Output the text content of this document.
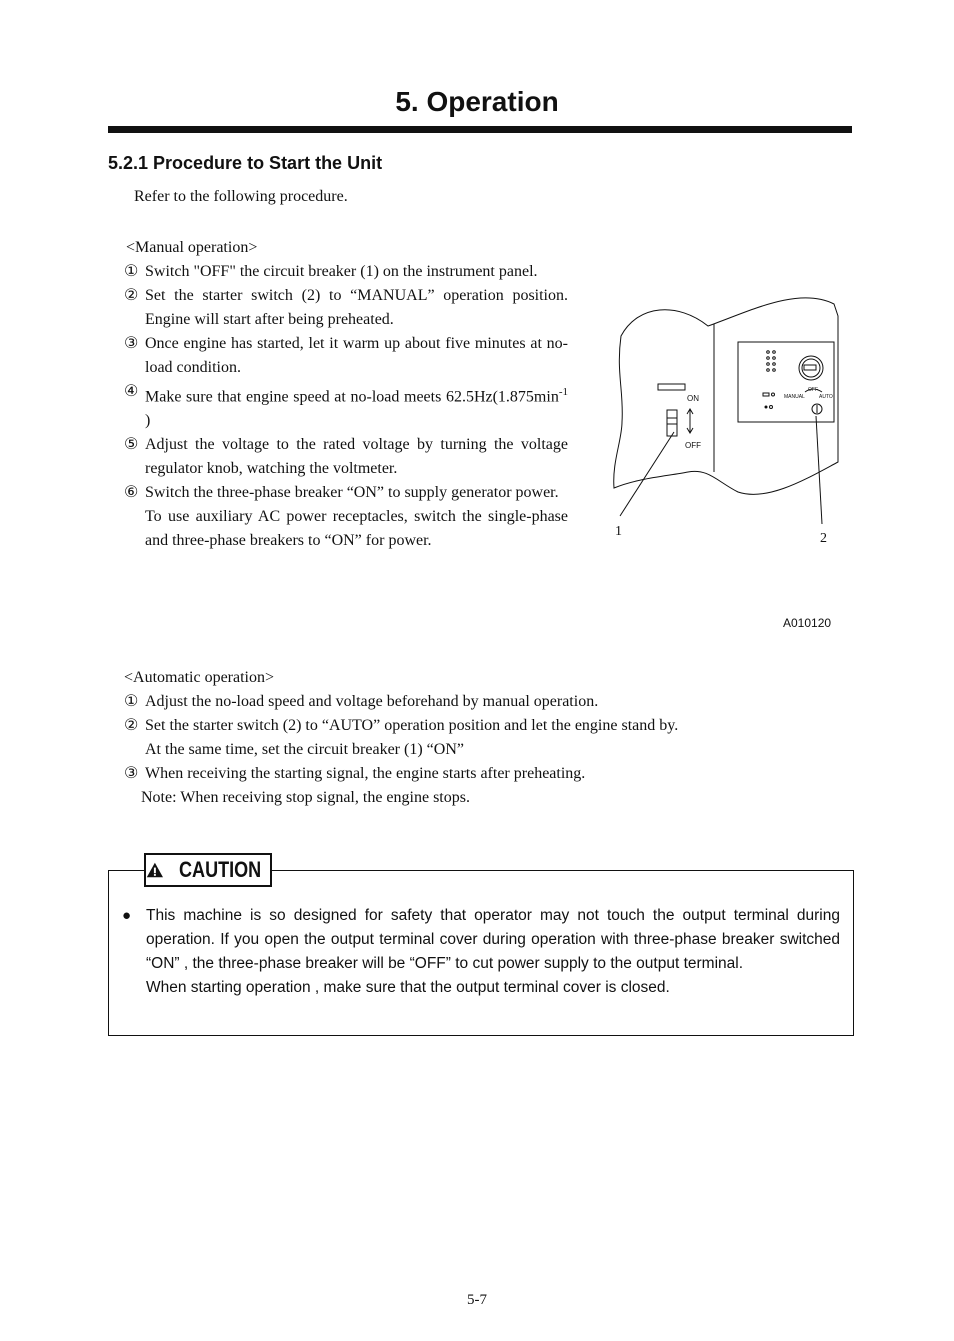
5. Operation
5.2.1 Procedure to Start the Unit
Refer to the following procedure.
<Manual operation>
① Switch "OFF" the circuit breaker (1) on the instrument panel.
② Set the starter switch (2) to “MANUAL” operation position. Engine will start after being preheated.
③ Once engine has started, let it warm up about five minutes at no-load condition.
④ Make sure that engine speed at no-load meets $62.5Hz(1.875\min^{-1}$ )
⑤ Adjust the voltage to the rated voltage by turning the voltage regulator knob, watching the voltmeter.
⑥ Switch the three-phase breaker “ON” to supply generator power.
To use auxiliary AC power receptacles, switch the single-phase and three-phase breakers to “ON” for power.
ON
OFF
OFF
MANUAL	AUTO
1	2
A010120
<Automatic operation>
① Adjust the no-load speed and voltage beforehand by manual operation.
② Set the starter switch (2) to “AUTO” operation position and let the engine stand by.
At the same time, set the circuit breaker (1) “ON”
③ When receiving the starting signal, the engine starts after preheating.
Note: When receiving stop signal, the engine stops.
CAUTION
● This machine is so designed for safety that operator may not touch the output terminal during operation. If you open the output terminal cover during operation with three-phase breaker switched “ON” , the three-phase breaker will be “OFF” to cut power supply to the output terminal.
When starting operation , make sure that the output terminal cover is closed.
5-7
